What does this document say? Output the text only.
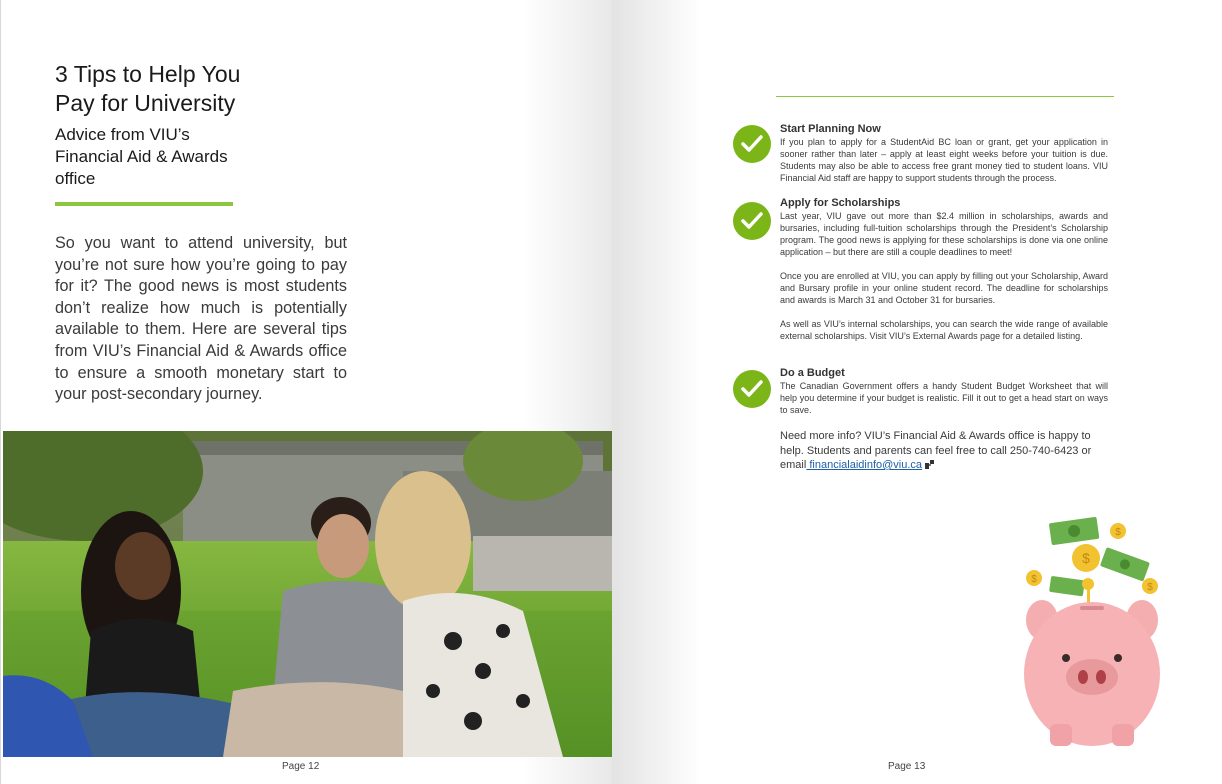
3 Tips to Help You
Pay for University

Advice from VIU’s Financial Aid & Awards office

So you want to attend university, but you’re not sure how you’re going to pay for it? The good news is most students don’t realize how much is potentially available to them. Here are several tips from VIU’s Financial Aid & Awards office to ensure a smooth monetary start to your post-secondary journey.

Page 12

Start Planning Now

If you plan to apply for a StudentAid BC loan or grant, get your application in sooner rather than later – apply at least eight weeks before your tuition is due. Students may also be able to access free grant money tied to student loans. VIU Financial Aid staff are happy to support students through the process.

Apply for Scholarships

Last year, VIU gave out more than $2.4 million in scholarships, awards and bursaries, including full-tuition scholarships through the President’s Scholarship program. The good news is applying for these scholarships is done via one online application – but there are still a couple deadlines to meet!

Once you are enrolled at VIU, you can apply by filling out your Scholarship, Award and Bursary profile in your online student record. The deadline for scholarships and awards is March 31 and October 31 for bursaries.

As well as VIU’s internal scholarships, you can search the wide range of available external scholarships. Visit VIU’s External Awards page for a detailed listing.

Do a Budget

The Canadian Government offers a handy Student Budget Worksheet that will help you determine if your budget is realistic. Fill it out to get a head start on ways to save.

Need more info? VIU’s Financial Aid & Awards office is happy to help. Students and parents can feel free to call 250-740-6423 or email financialaidinfo@viu.ca

$
$
$
$
Page 13
